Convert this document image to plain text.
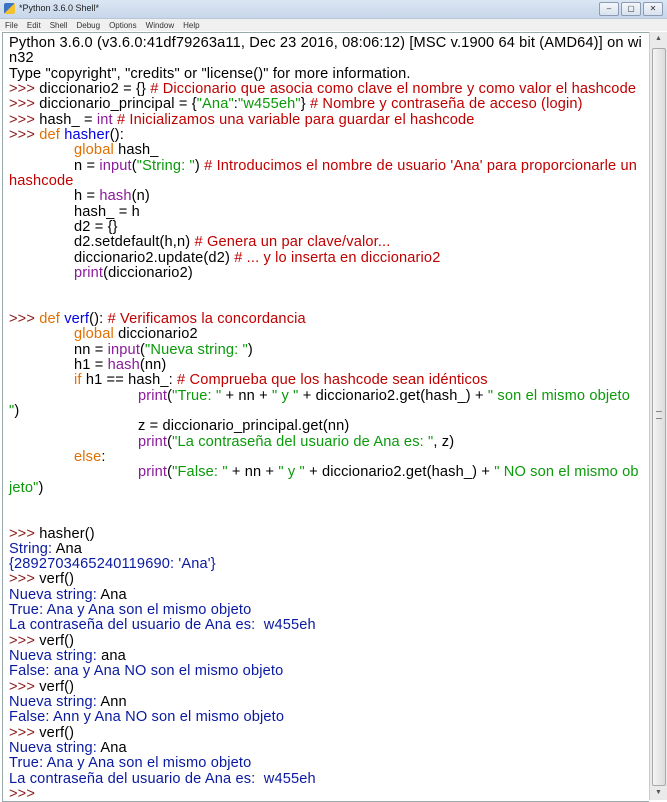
*Python 3.6.0 Shell*	‒	▢	✕
File	Edit	Shell	Debug	Options	Window	Help
Python 3.6.0 (v3.6.0:41df79263a11, Dec 23 2016, 08:06:12) [MSC v.1900 64 bit (AMD64)] on wi
n32
Type "copyright", "credits" or "license()" for more information.
>>> diccionario2 = {} # Diccionario que asocia como clave el nombre y como valor el hashcode
>>> diccionario_principal = {"Ana":"w455eh"} # Nombre y contraseña de acceso (login)
>>> hash_ = int # Inicializamos una variable para guardar el hashcode
>>> def hasher():
global hash_
n = input("String: ") # Introducimos el nombre de usuario 'Ana' para proporcionarle un
hashcode
h = hash(n)
hash_ = h
d2 = {}
d2.setdefault(h,n) # Genera un par clave/valor...
diccionario2.update(d2) # ... y lo inserta en diccionario2
print(diccionario2)
>>> def verf(): # Verificamos la concordancia
global diccionario2
nn = input("Nueva string: ")
h1 = hash(nn)
if h1 == hash_: # Comprueba que los hashcode sean idénticos
print("True: " + nn + " y " + diccionario2.get(hash_) + " son el mismo objeto
")
z = diccionario_principal.get(nn)
print("La contraseña del usuario de Ana es: ", z)
else:
print("False: " + nn + " y " + diccionario2.get(hash_) + " NO son el mismo ob
jeto")
>>> hasher()
String: Ana
{2892703465240119690: 'Ana'}
>>> verf()
Nueva string: Ana
True: Ana y Ana son el mismo objeto
La contraseña del usuario de Ana es:  w455eh
>>> verf()
Nueva string: ana
False: ana y Ana NO son el mismo objeto
>>> verf()
Nueva string: Ann
False: Ann y Ana NO son el mismo objeto
>>> verf()
Nueva string: Ana
True: Ana y Ana son el mismo objeto
La contraseña del usuario de Ana es:  w455eh
>>>
▲
▼
